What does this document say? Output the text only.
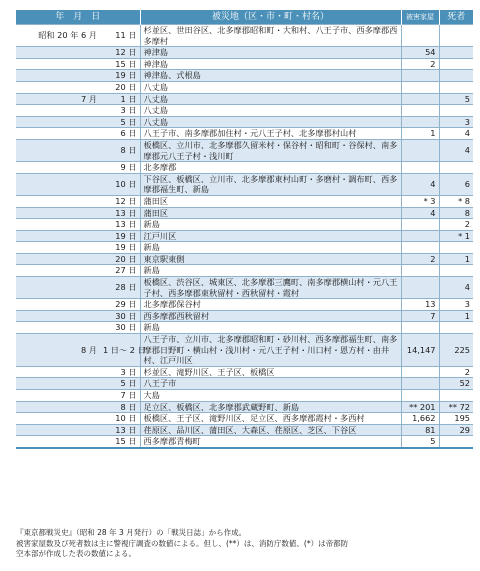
年　月　日		被災地（区・市・町・村名）	被害家屋	死者
昭和 20 年 6 月	11 日	杉並区、世田谷区、北多摩郡昭和町・大和村、八王子市、西多摩郡西多摩村		
	12 日	神津島	54	
	15 日	神津島	2	
	19 日	神津島、式根島		
	20 日	八丈島		
7 月	1 日	八丈島		5
	3 日	八丈島		
	5 日	八丈島		3
	6 日	八王子市、南多摩郡加住村・元八王子村、北多摩郡村山村	1	4
	8 日	板橋区、立川市、北多摩郡久留米村・保谷村・昭和町・谷保村、南多摩郡元八王子村・浅川町		4
	9 日	北多摩郡		
	10 日	下谷区、板橋区、立川市、北多摩郡東村山町・多磨村・調布町、西多摩郡福生町、新島	4	6
	12 日	蒲田区	* 3	* 8
	13 日	蒲田区	4	8
	13 日	新島		2
	19 日	江戸川区		* 1
	19 日	新島		
	20 日	東京駅東側	2	1
	27 日	新島		
	28 日	板橋区、渋谷区、城東区、北多摩郡三鷹町、南多摩郡横山村・元八王子村、西多摩郡東秋留村・西秋留村・霞村		4
	29 日	北多摩郡保谷村	13	3
	30 日	西多摩郡西秋留村	7	1
	30 日	新島		
8 月	1 日〜 2 日	八王子市、立川市、北多摩郡昭和町・砂川村、西多摩郡福生町、南多摩郡日野町・横山村・浅川村・元八王子村・川口村・恩方村・由井村、江戸川区	14,147	225
	3 日	杉並区、滝野川区、王子区、板橋区		2
	5 日	八王子市		52
	7 日	大島		
	8 日	足立区、板橋区、北多摩郡武蔵野町、新島	** 201	** 72
	10 日	板橋区、王子区、滝野川区、足立区、西多摩郡霞村・多西村	1,662	195
	13 日	荏原区、品川区、蒲田区、大森区、荏原区、芝区、下谷区	81	29
	15 日	西多摩郡青梅町	5	
『東京都戦災史』（昭和 28 年 3 月発行）の「戦災日誌」から作成。
被害家屋数及び死者数は主に警視庁調査の数値による。但し、(**）は、消防庁数値、(*）は帝都防
空本部が作成した表の数値による。
